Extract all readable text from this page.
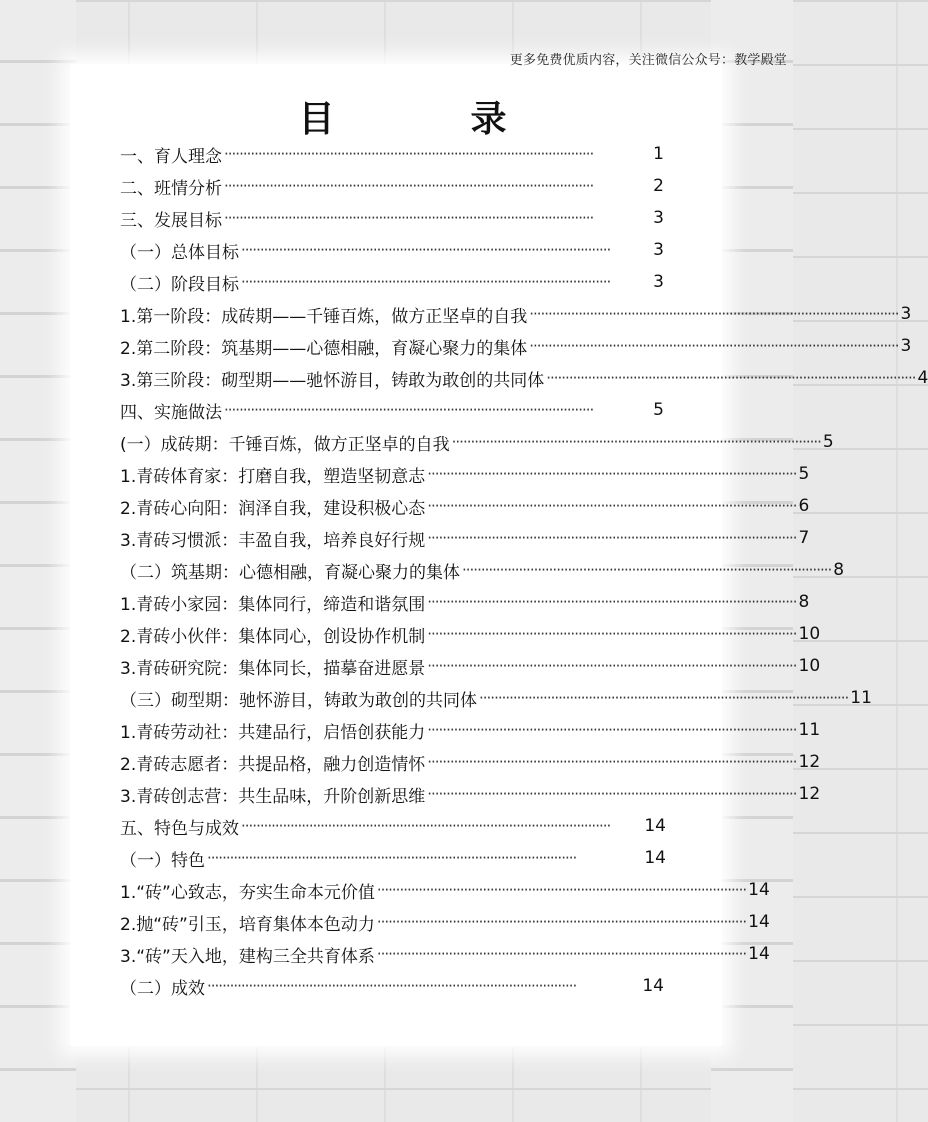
更多免费优质内容，关注微信公众号：教学殿堂
目	录
一、育人理念 ··································································································	1
二、班情分析 ··································································································	2
三、发展目标 ··································································································	3
（一）总体目标 ··································································································	3
（二）阶段目标 ··································································································	3
1.第一阶段：成砖期——千锤百炼，做方正坚卓的自我 ·································································································· 3
2.第二阶段：筑基期——心德相融，育凝心聚力的集体 ·································································································· 3
3.第三阶段：砌型期——驰怀游目，铸敢为敢创的共同体 ·································································································· 4
四、实施做法 ··································································································	5
(一）成砖期：千锤百炼，做方正坚卓的自我 ·································································································· 5
1.青砖体育家：打磨自我，塑造坚韧意志 ·································································································· 5
2.青砖心向阳：润泽自我，建设积极心态 ·································································································· 6
3.青砖习惯派：丰盈自我，培养良好行规 ·································································································· 7
（二）筑基期：心德相融，育凝心聚力的集体 ·································································································· 8
1.青砖小家园：集体同行，缔造和谐氛围 ·································································································· 8
2.青砖小伙伴：集体同心，创设协作机制 ·································································································· 10
3.青砖研究院：集体同长，描摹奋进愿景 ·································································································· 10
（三）砌型期：驰怀游目，铸敢为敢创的共同体 ·································································································· 11
1.青砖劳动社：共建品行，启悟创获能力 ·································································································· 11
2.青砖志愿者：共提品格，融力创造情怀 ·································································································· 12
3.青砖创志营：共生品味，升阶创新思维 ·································································································· 12
五、特色与成效 ··································································································	14
（一）特色 ··································································································	14
1.“砖”心致志，夯实生命本元价值 ·································································································· 14
2.抛“砖”引玉，培育集体本色动力 ·································································································· 14
3.“砖”天入地，建构三全共育体系 ·································································································· 14
（二）成效 ··································································································	14
